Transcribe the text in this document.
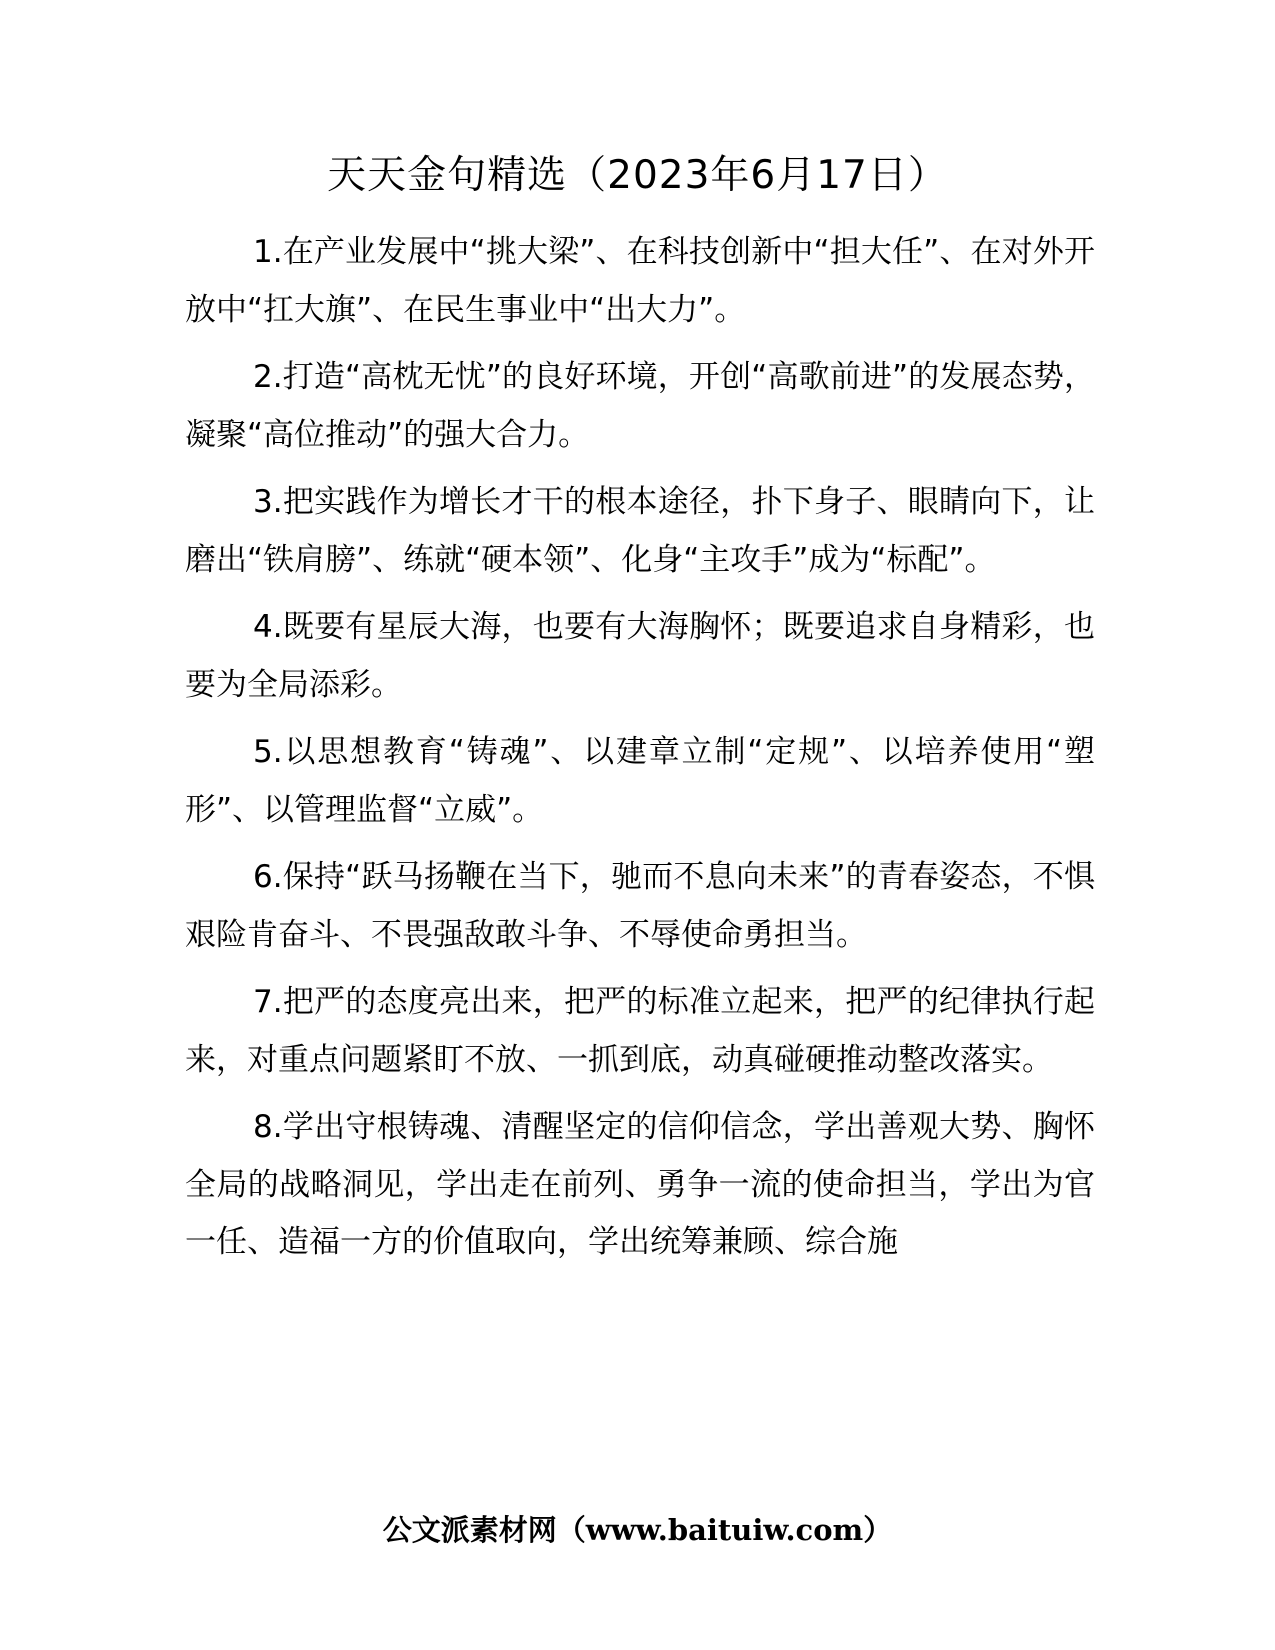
天天金句精选（2023年6月17日）

1.在产业发展中“挑大梁”、在科技创新中“担大任”、在对外开放中“扛大旗”、在民生事业中“出大力”。

2.打造“高枕无忧”的良好环境，开创“高歌前进”的发展态势，凝聚“高位推动”的强大合力。

3.把实践作为增长才干的根本途径，扑下身子、眼睛向下，让磨出“铁肩膀”、练就“硬本领”、化身“主攻手”成为“标配”。

4.既要有星辰大海，也要有大海胸怀；既要追求自身精彩，也要为全局添彩。

5.以思想教育“铸魂”、以建章立制“定规”、以培养使用“塑形”、以管理监督“立威”。

6.保持“跃马扬鞭在当下，驰而不息向未来”的青春姿态，不惧艰险肯奋斗、不畏强敌敢斗争、不辱使命勇担当。

7.把严的态度亮出来，把严的标准立起来，把严的纪律执行起来，对重点问题紧盯不放、一抓到底，动真碰硬推动整改落实。

8.学出守根铸魂、清醒坚定的信仰信念，学出善观大势、胸怀全局的战略洞见，学出走在前列、勇争一流的使命担当，学出为官一任、造福一方的价值取向，学出统筹兼顾、综合施

公文派素材网（www.baituiw.com）
